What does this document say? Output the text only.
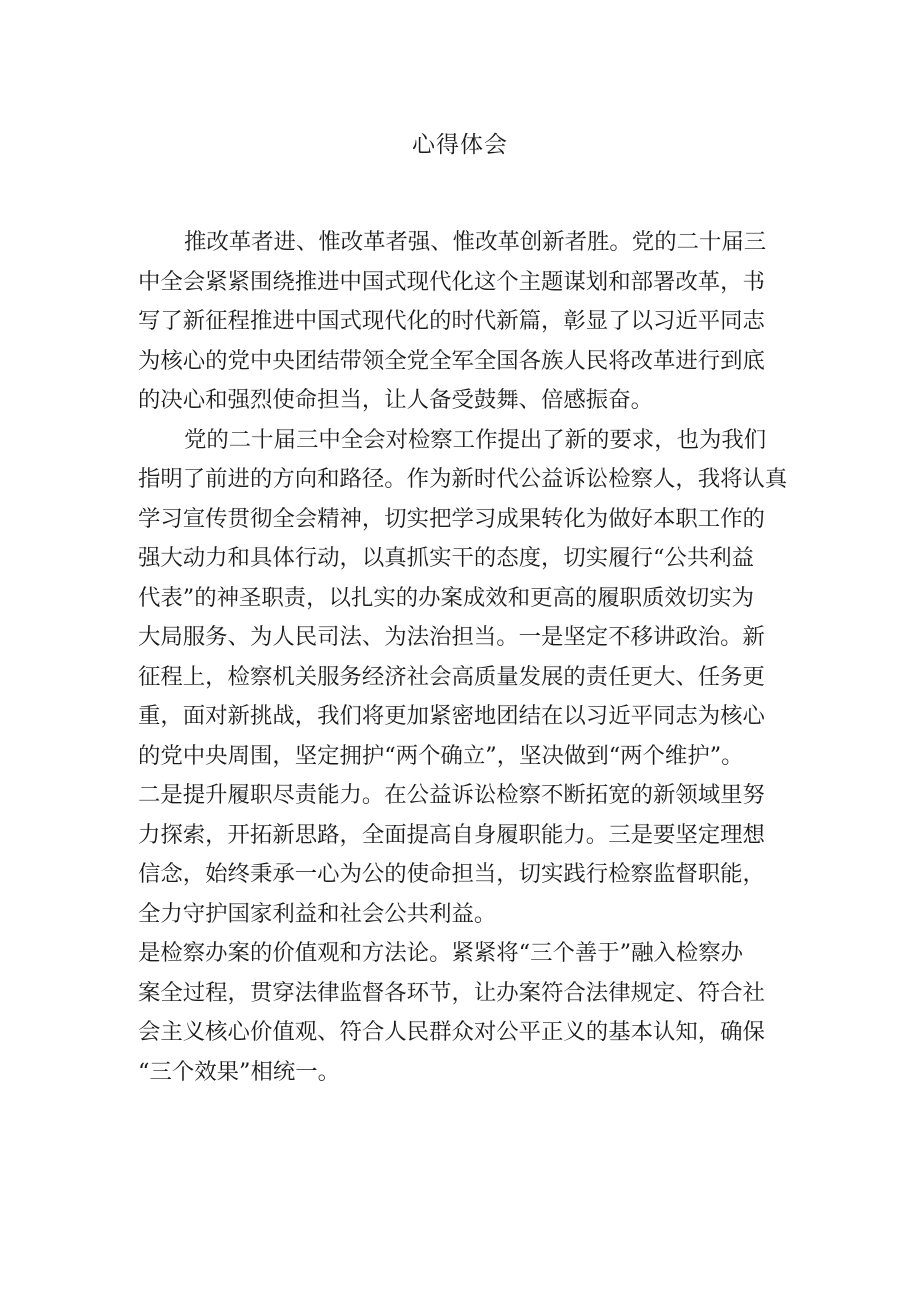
心得体会
推改革者进、惟改革者强、惟改革创新者胜。党的二十届三
中全会紧紧围绕推进中国式现代化这个主题谋划和部署改革，书
写了新征程推进中国式现代化的时代新篇，彰显了以习近平同志
为核心的党中央团结带领全党全军全国各族人民将改革进行到底
的决心和强烈使命担当，让人备受鼓舞、倍感振奋。
党的二十届三中全会对检察工作提出了新的要求，也为我们
指明了前进的方向和路径。作为新时代公益诉讼检察人，我将认真
学习宣传贯彻全会精神，切实把学习成果转化为做好本职工作的
强大动力和具体行动，以真抓实干的态度，切实履行“公共利益
代表”的神圣职责，以扎实的办案成效和更高的履职质效切实为
大局服务、为人民司法、为法治担当。一是坚定不移讲政治。新
征程上，检察机关服务经济社会高质量发展的责任更大、任务更
重，面对新挑战，我们将更加紧密地团结在以习近平同志为核心
的党中央周围，坚定拥护“两个确立”，坚决做到“两个维护”。
二是提升履职尽责能力。在公益诉讼检察不断拓宽的新领域里努
力探索，开拓新思路，全面提高自身履职能力。三是要坚定理想
信念，始终秉承一心为公的使命担当，切实践行检察监督职能，
全力守护国家利益和社会公共利益。
是检察办案的价值观和方法论。紧紧将“三个善于”融入检察办
案全过程，贯穿法律监督各环节，让办案符合法律规定、符合社
会主义核心价值观、符合人民群众对公平正义的基本认知，确保
“三个效果”相统一。
